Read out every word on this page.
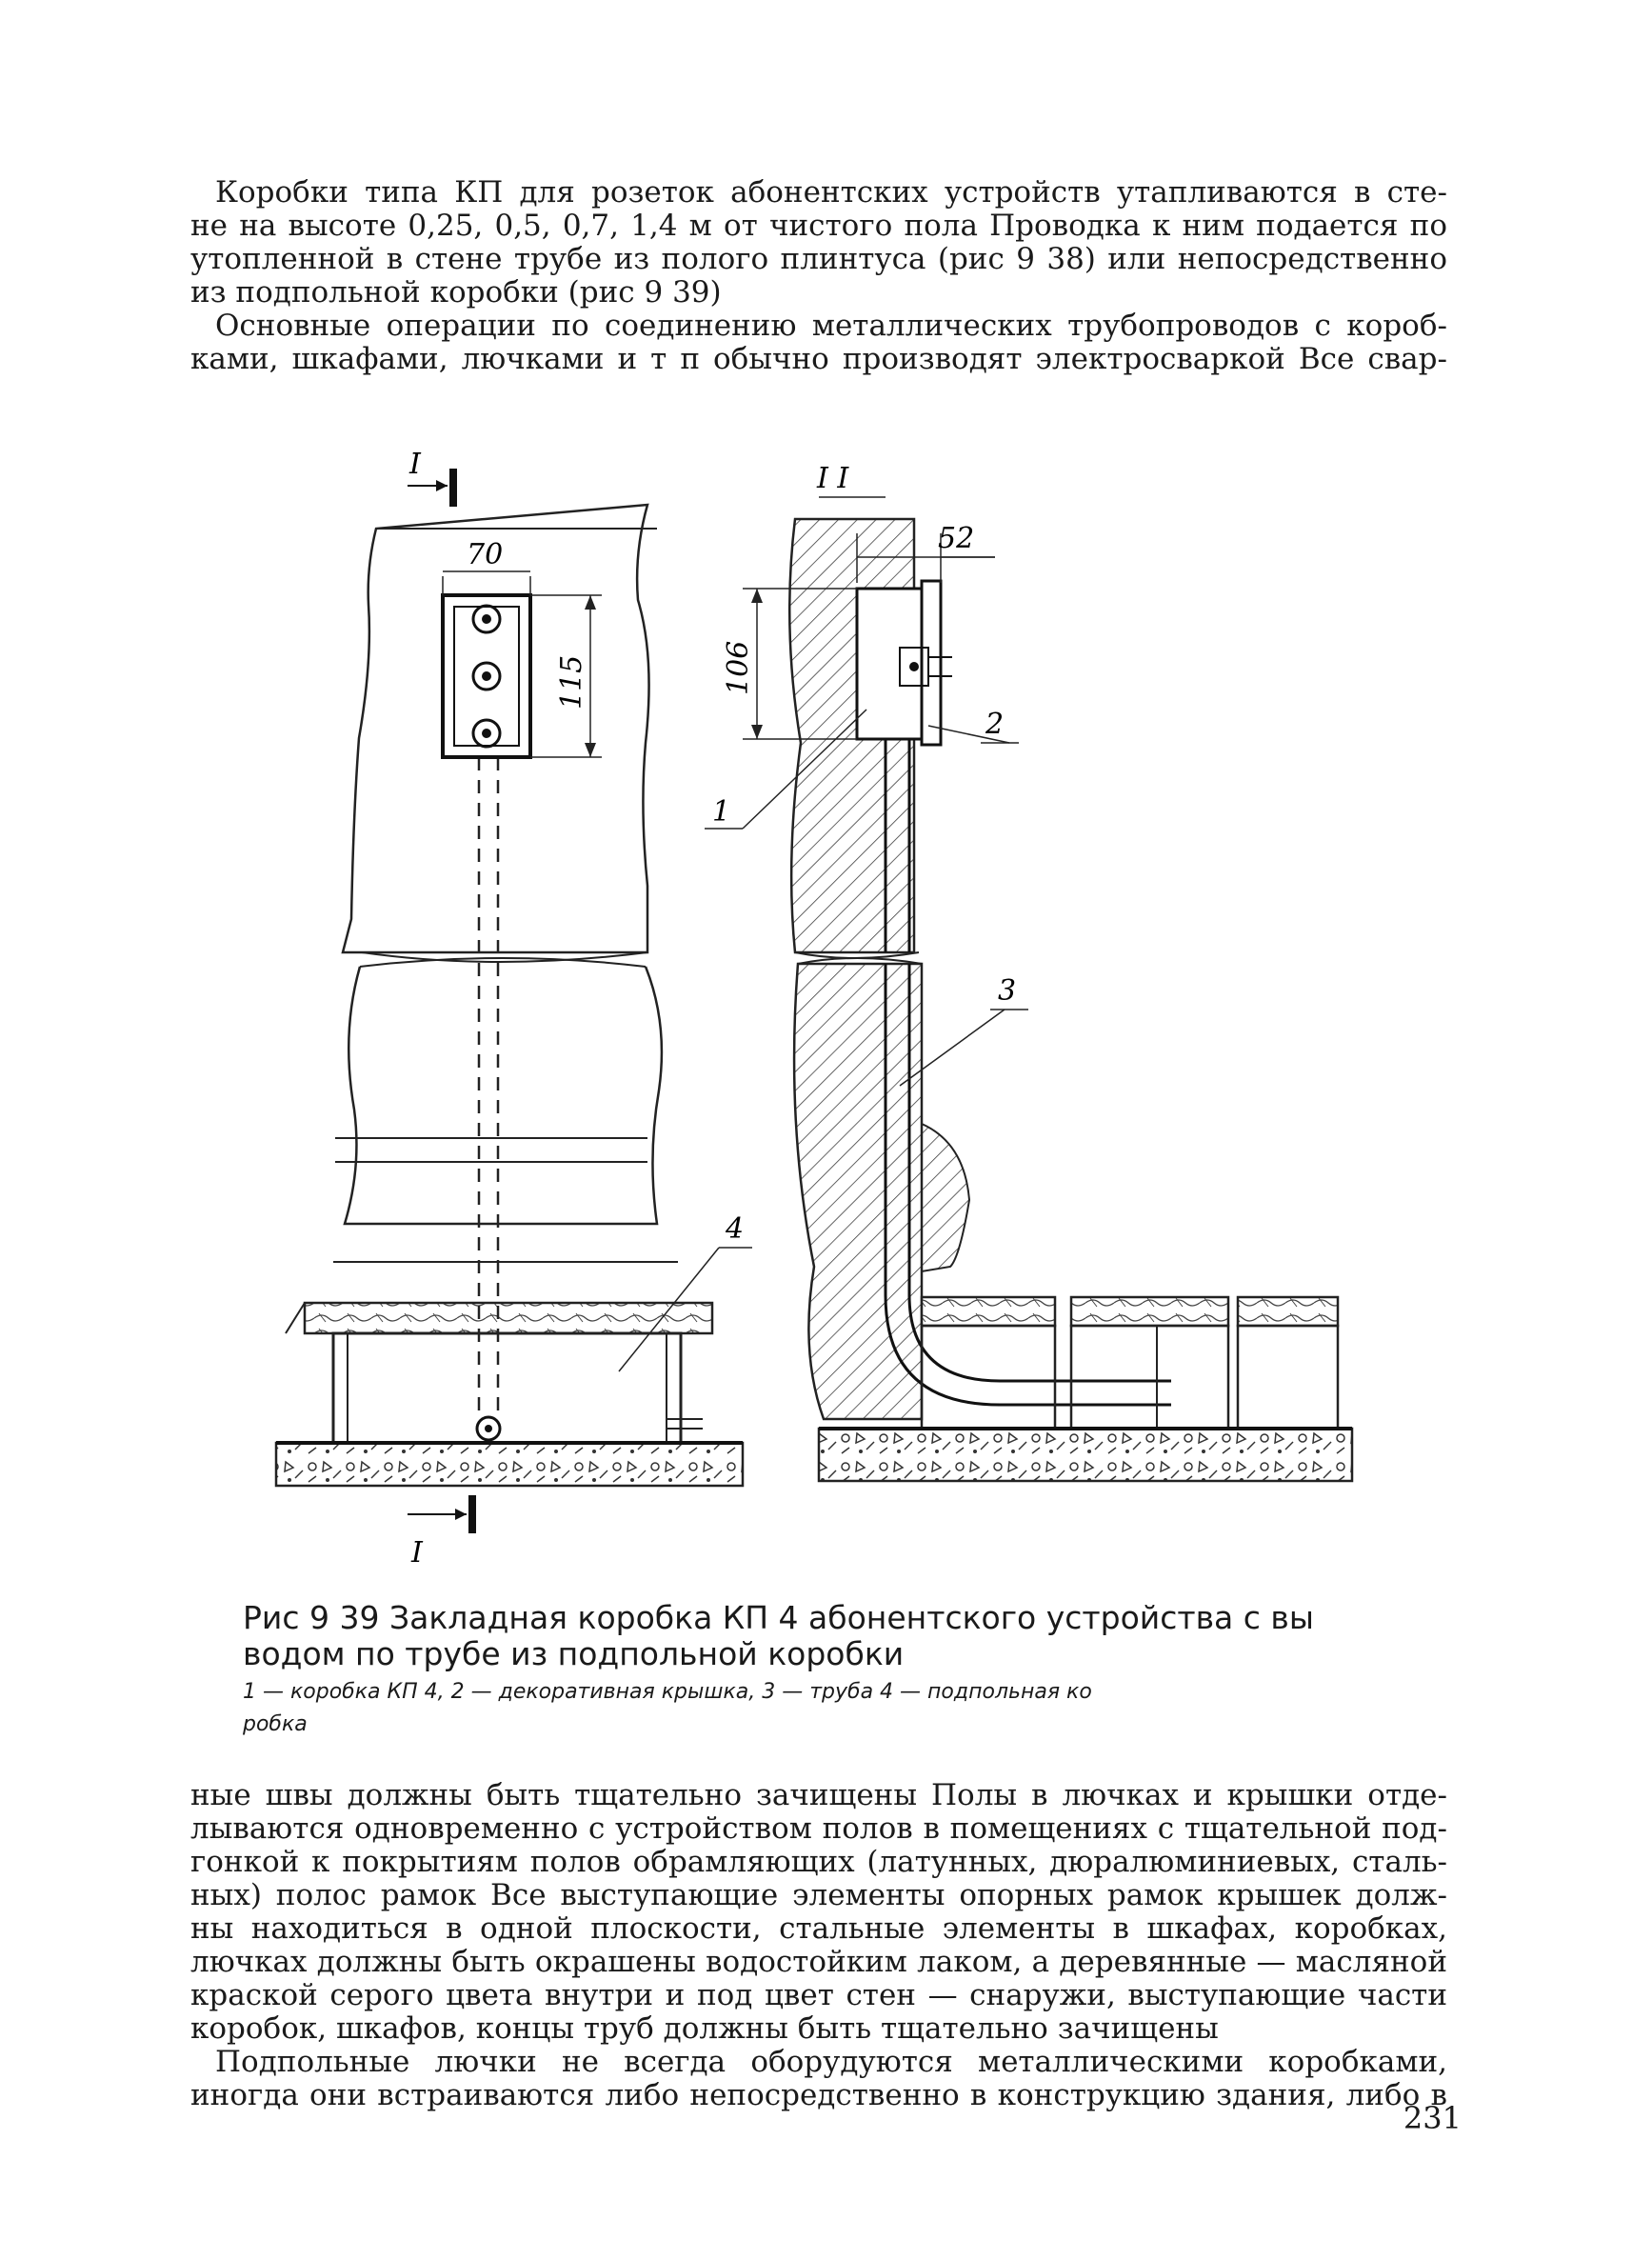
Коробки типа КП для розеток абонентских устройств утапливаются в сте-
не на высоте 0,25, 0,5, 0,7, 1,4 м от чистого пола Проводка к ним подается по
утопленной в стене трубе из полого плинтуса (рис 9 38) или непосредственно
из подпольной коробки (рис 9 39)
Основные операции по соединению металлических трубопроводов с короб-
ками, шкафами, лючками и т п обычно производят электросваркой Все свар-
I
70
115
4
I
I I
52
106
1
2
3
Рис 9 39 Закладная коробка КП 4 абонентского устройства с вы
водом по трубе из подпольной коробки
1 — коробка КП 4, 2 — декоративная крышка, 3 — труба 4 — подпольная ко
робка
ные швы должны быть тщательно зачищены Полы в лючках и крышки отде-
лываются одновременно с устройством полов в помещениях с тщательной под-
гонкой к покрытиям полов обрамляющих (латунных, дюралюминиевых, сталь-
ных) полос рамок Все выступающие элементы опорных рамок крышек долж-
ны находиться в одной плоскости, стальные элементы в шкафах, коробках,
лючках должны быть окрашены водостойким лаком, а деревянные — масляной
краской серого цвета внутри и под цвет стен — снаружи, выступающие части
коробок, шкафов, концы труб должны быть тщательно зачищены
Подпольные лючки не всегда оборудуются металлическими коробками,
иногда они встраиваются либо непосредственно в конструкцию здания, либо в
231
